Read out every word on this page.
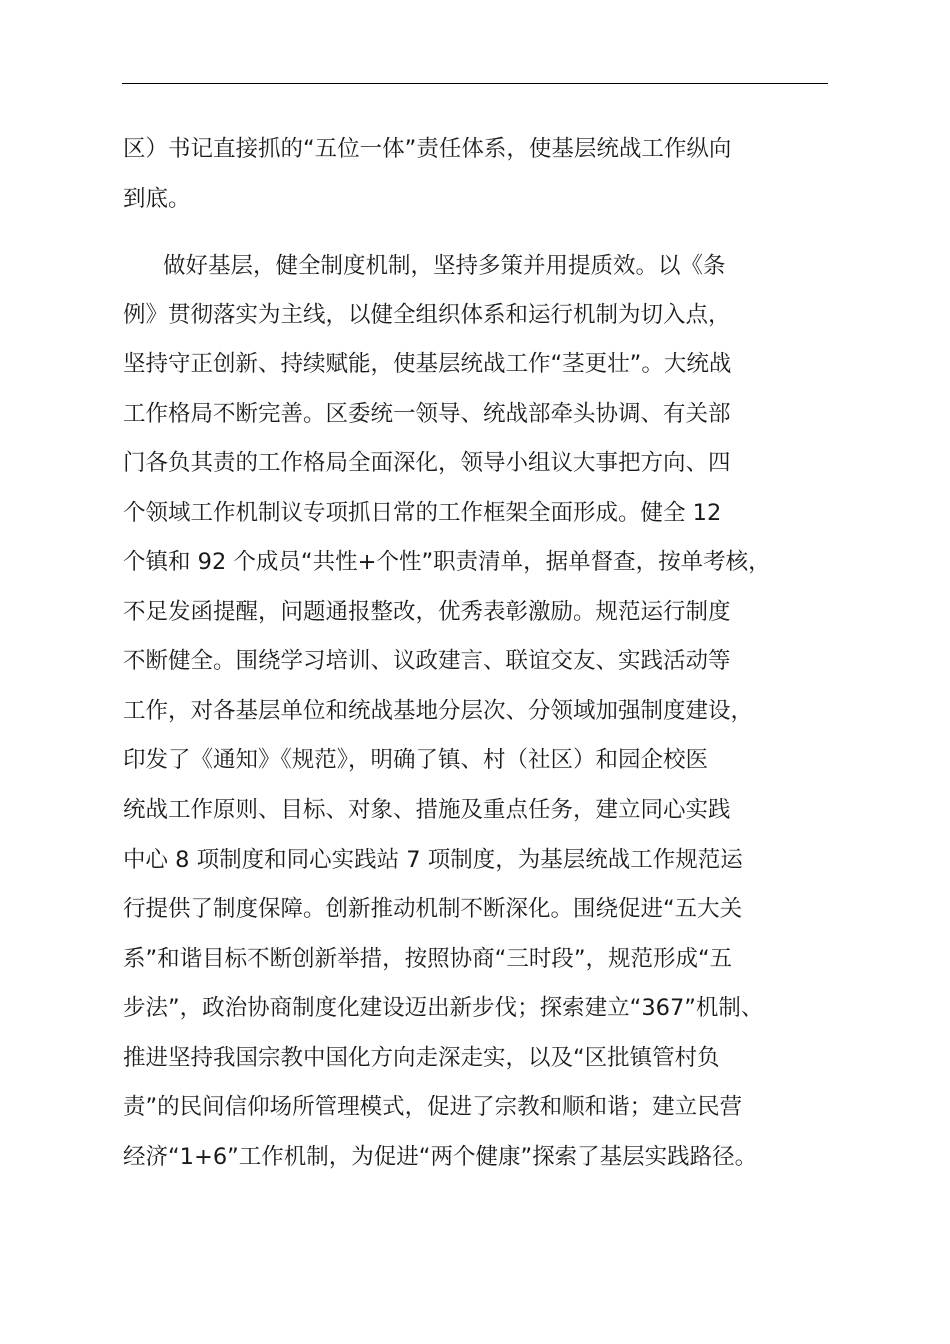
区）书记直接抓的“五位一体”责任体系，使基层统战工作纵向
到底。
做好基层，健全制度机制，坚持多策并用提质效。以《条
例》贯彻落实为主线，以健全组织体系和运行机制为切入点，
坚持守正创新、持续赋能，使基层统战工作“茎更壮”。大统战
工作格局不断完善。区委统一领导、统战部牵头协调、有关部
门各负其责的工作格局全面深化，领导小组议大事把方向、四
个领域工作机制议专项抓日常的工作框架全面形成。健全 12
个镇和 92 个成员“共性+个性”职责清单，据单督查，按单考核，
不足发函提醒，问题通报整改，优秀表彰激励。规范运行制度
不断健全。围绕学习培训、议政建言、联谊交友、实践活动等
工作，对各基层单位和统战基地分层次、分领域加强制度建设，
印发了《通知》《规范》，明确了镇、村（社区）和园企校医
统战工作原则、目标、对象、措施及重点任务，建立同心实践
中心 8 项制度和同心实践站 7 项制度，为基层统战工作规范运
行提供了制度保障。创新推动机制不断深化。围绕促进“五大关
系”和谐目标不断创新举措，按照协商“三时段”，规范形成“五
步法”，政治协商制度化建设迈出新步伐；探索建立“367”机制、
推进坚持我国宗教中国化方向走深走实，以及“区批镇管村负
责”的民间信仰场所管理模式，促进了宗教和顺和谐；建立民营
经济“1+6”工作机制，为促进“两个健康”探索了基层实践路径。
